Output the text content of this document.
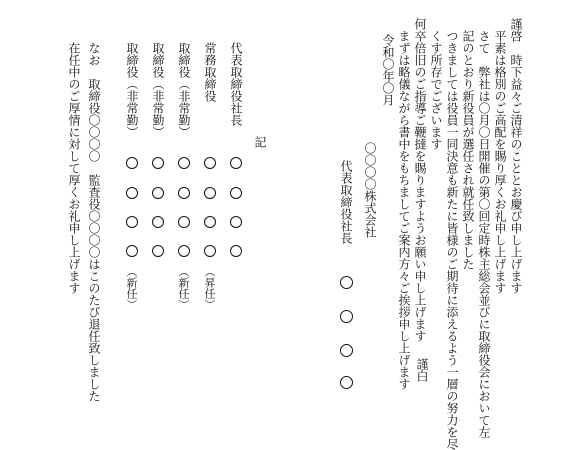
謹啓　時下益々ご清祥のこととお慶び申し上げます
平素は格別のご高配を賜り厚くお礼申し上げます
さて　弊社は〇月〇日開催の第〇回定時株主総会並びに取締役会において左
記のとおり新役員が選任され就任致しました
つきましては役員一同決意も新たに皆様のご期待に添えるよう一層の努力を尽
くす所存でございます
何卒倍旧のご指導ご鞭撻を賜りますようお願い申し上げます
まずは略儀ながら書中をもちましてご案内方々ご挨拶申し上げます 謹白
令和〇年〇月
〇〇〇〇株式会社
代表取締役社長
記
代表取締役社長
常務取締役
取締役（非常勤）
取締役（非常勤）
取締役（非常勤）
（昇任）
（新任）
（新任）
なお　取締役〇〇〇〇　監査役〇〇〇〇はこのたび退任致しました
在任中のご厚情に対して厚くお礼申し上げます
